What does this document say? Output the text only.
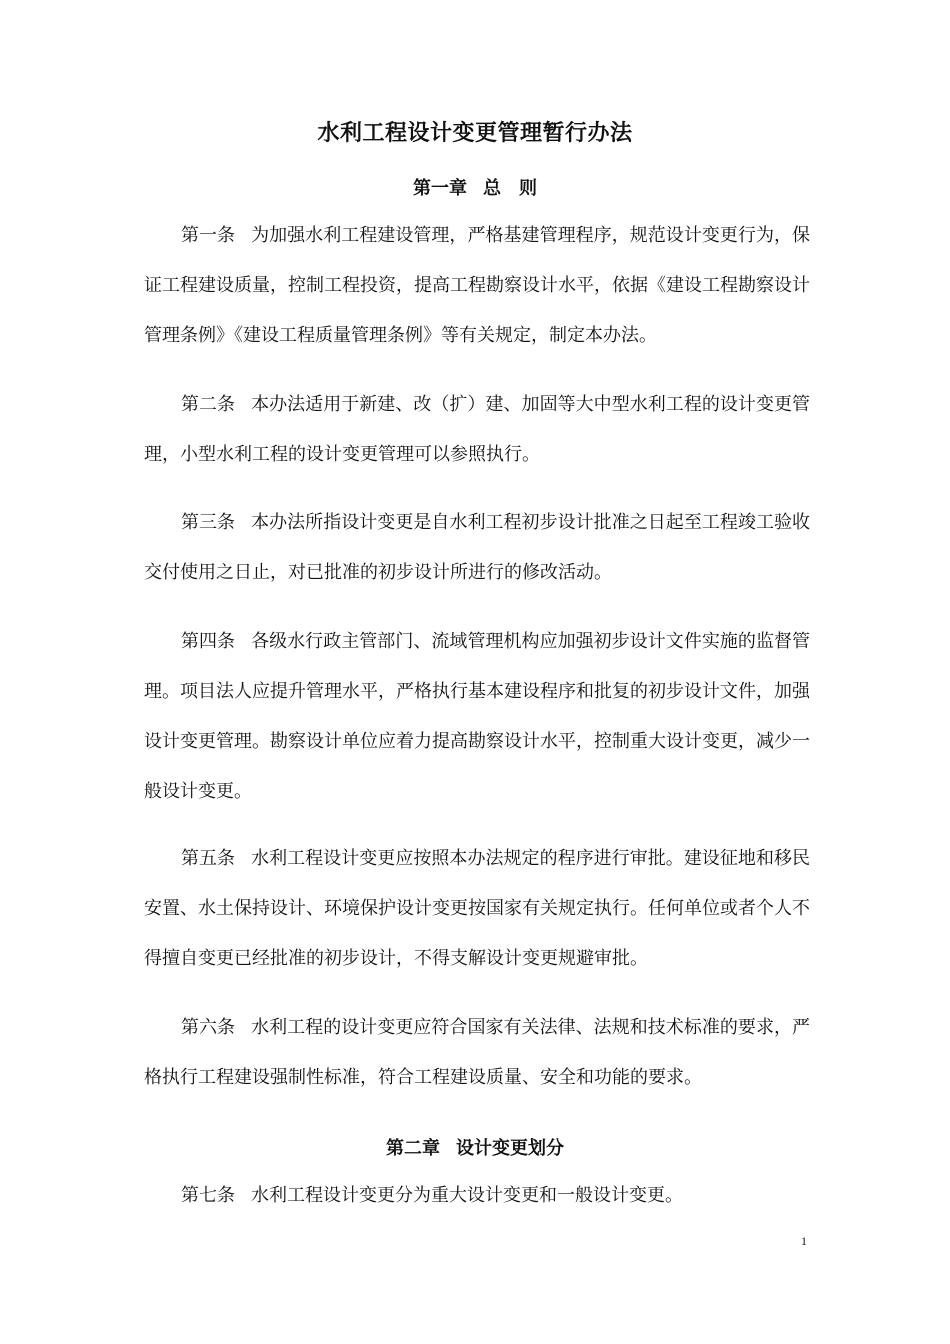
水利工程设计变更管理暂行办法
第一章 总　则

第一条 为加强水利工程建设管理，严格基建管理程序，规范设计变更行为，保证工程建设质量，控制工程投资，提高工程勘察设计水平，依据《建设工程勘察设计管理条例》《建设工程质量管理条例》等有关规定，制定本办法。

第二条 本办法适用于新建、改（扩）建、加固等大中型水利工程的设计变更管理，小型水利工程的设计变更管理可以参照执行。

第三条 本办法所指设计变更是自水利工程初步设计批准之日起至工程竣工验收交付使用之日止，对已批准的初步设计所进行的修改活动。

第四条 各级水行政主管部门、流域管理机构应加强初步设计文件实施的监督管理。项目法人应提升管理水平，严格执行基本建设程序和批复的初步设计文件，加强设计变更管理。勘察设计单位应着力提高勘察设计水平，控制重大设计变更，减少一般设计变更。

第五条 水利工程设计变更应按照本办法规定的程序进行审批。建设征地和移民安置、水土保持设计、环境保护设计变更按国家有关规定执行。任何单位或者个人不得擅自变更已经批准的初步设计，不得支解设计变更规避审批。

第六条 水利工程的设计变更应符合国家有关法律、法规和技术标准的要求，严格执行工程建设强制性标准，符合工程建设质量、安全和功能的要求。

第二章 设计变更划分

第七条 水利工程设计变更分为重大设计变更和一般设计变更。

1
